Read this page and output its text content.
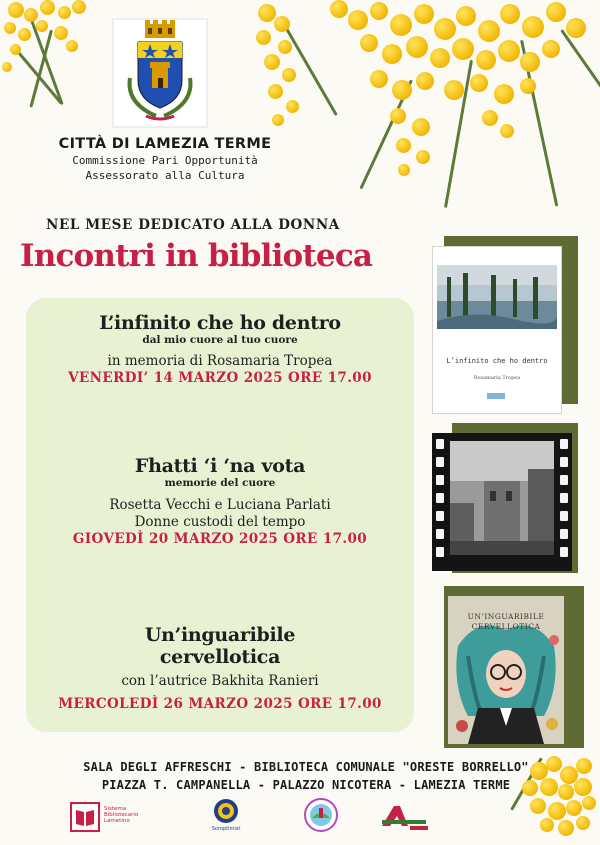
CITTÀ DI LAMEZIA TERME
Commissione Pari Opportunità
Assessorato alla Cultura
NEL MESE DEDICATO ALLA DONNA
Incontri in biblioteca
L’infinito che ho dentro
dal mio cuore al tuo cuore
in memoria di Rosamaria Tropea
VENERDI’ 14 MARZO 2025 ORE 17.00
Fhatti ‘i ‘na vota
memorie del cuore
Rosetta Vecchi e Luciana Parlati
Donne custodi del tempo
GIOVEDÌ 20 MARZO 2025 ORE 17.00
Un’inguaribile
cervellotica
con l’autrice Bakhita Ranieri
MERCOLEDÌ 26 MARZO 2025 ORE 17.00
L’infinito che ho dentro
Rosamaria Tropea
UN’INGUARIBILE
CERVELLOTICA
SALA DEGLI AFFRESCHI - BIBLIOTECA COMUNALE "ORESTE BORRELLO"
PIAZZA T. CAMPANELLA - PALAZZO NICOTERA - LAMEZIA TERME
Sistema Bibliotecario Lametino
Soroptimist
